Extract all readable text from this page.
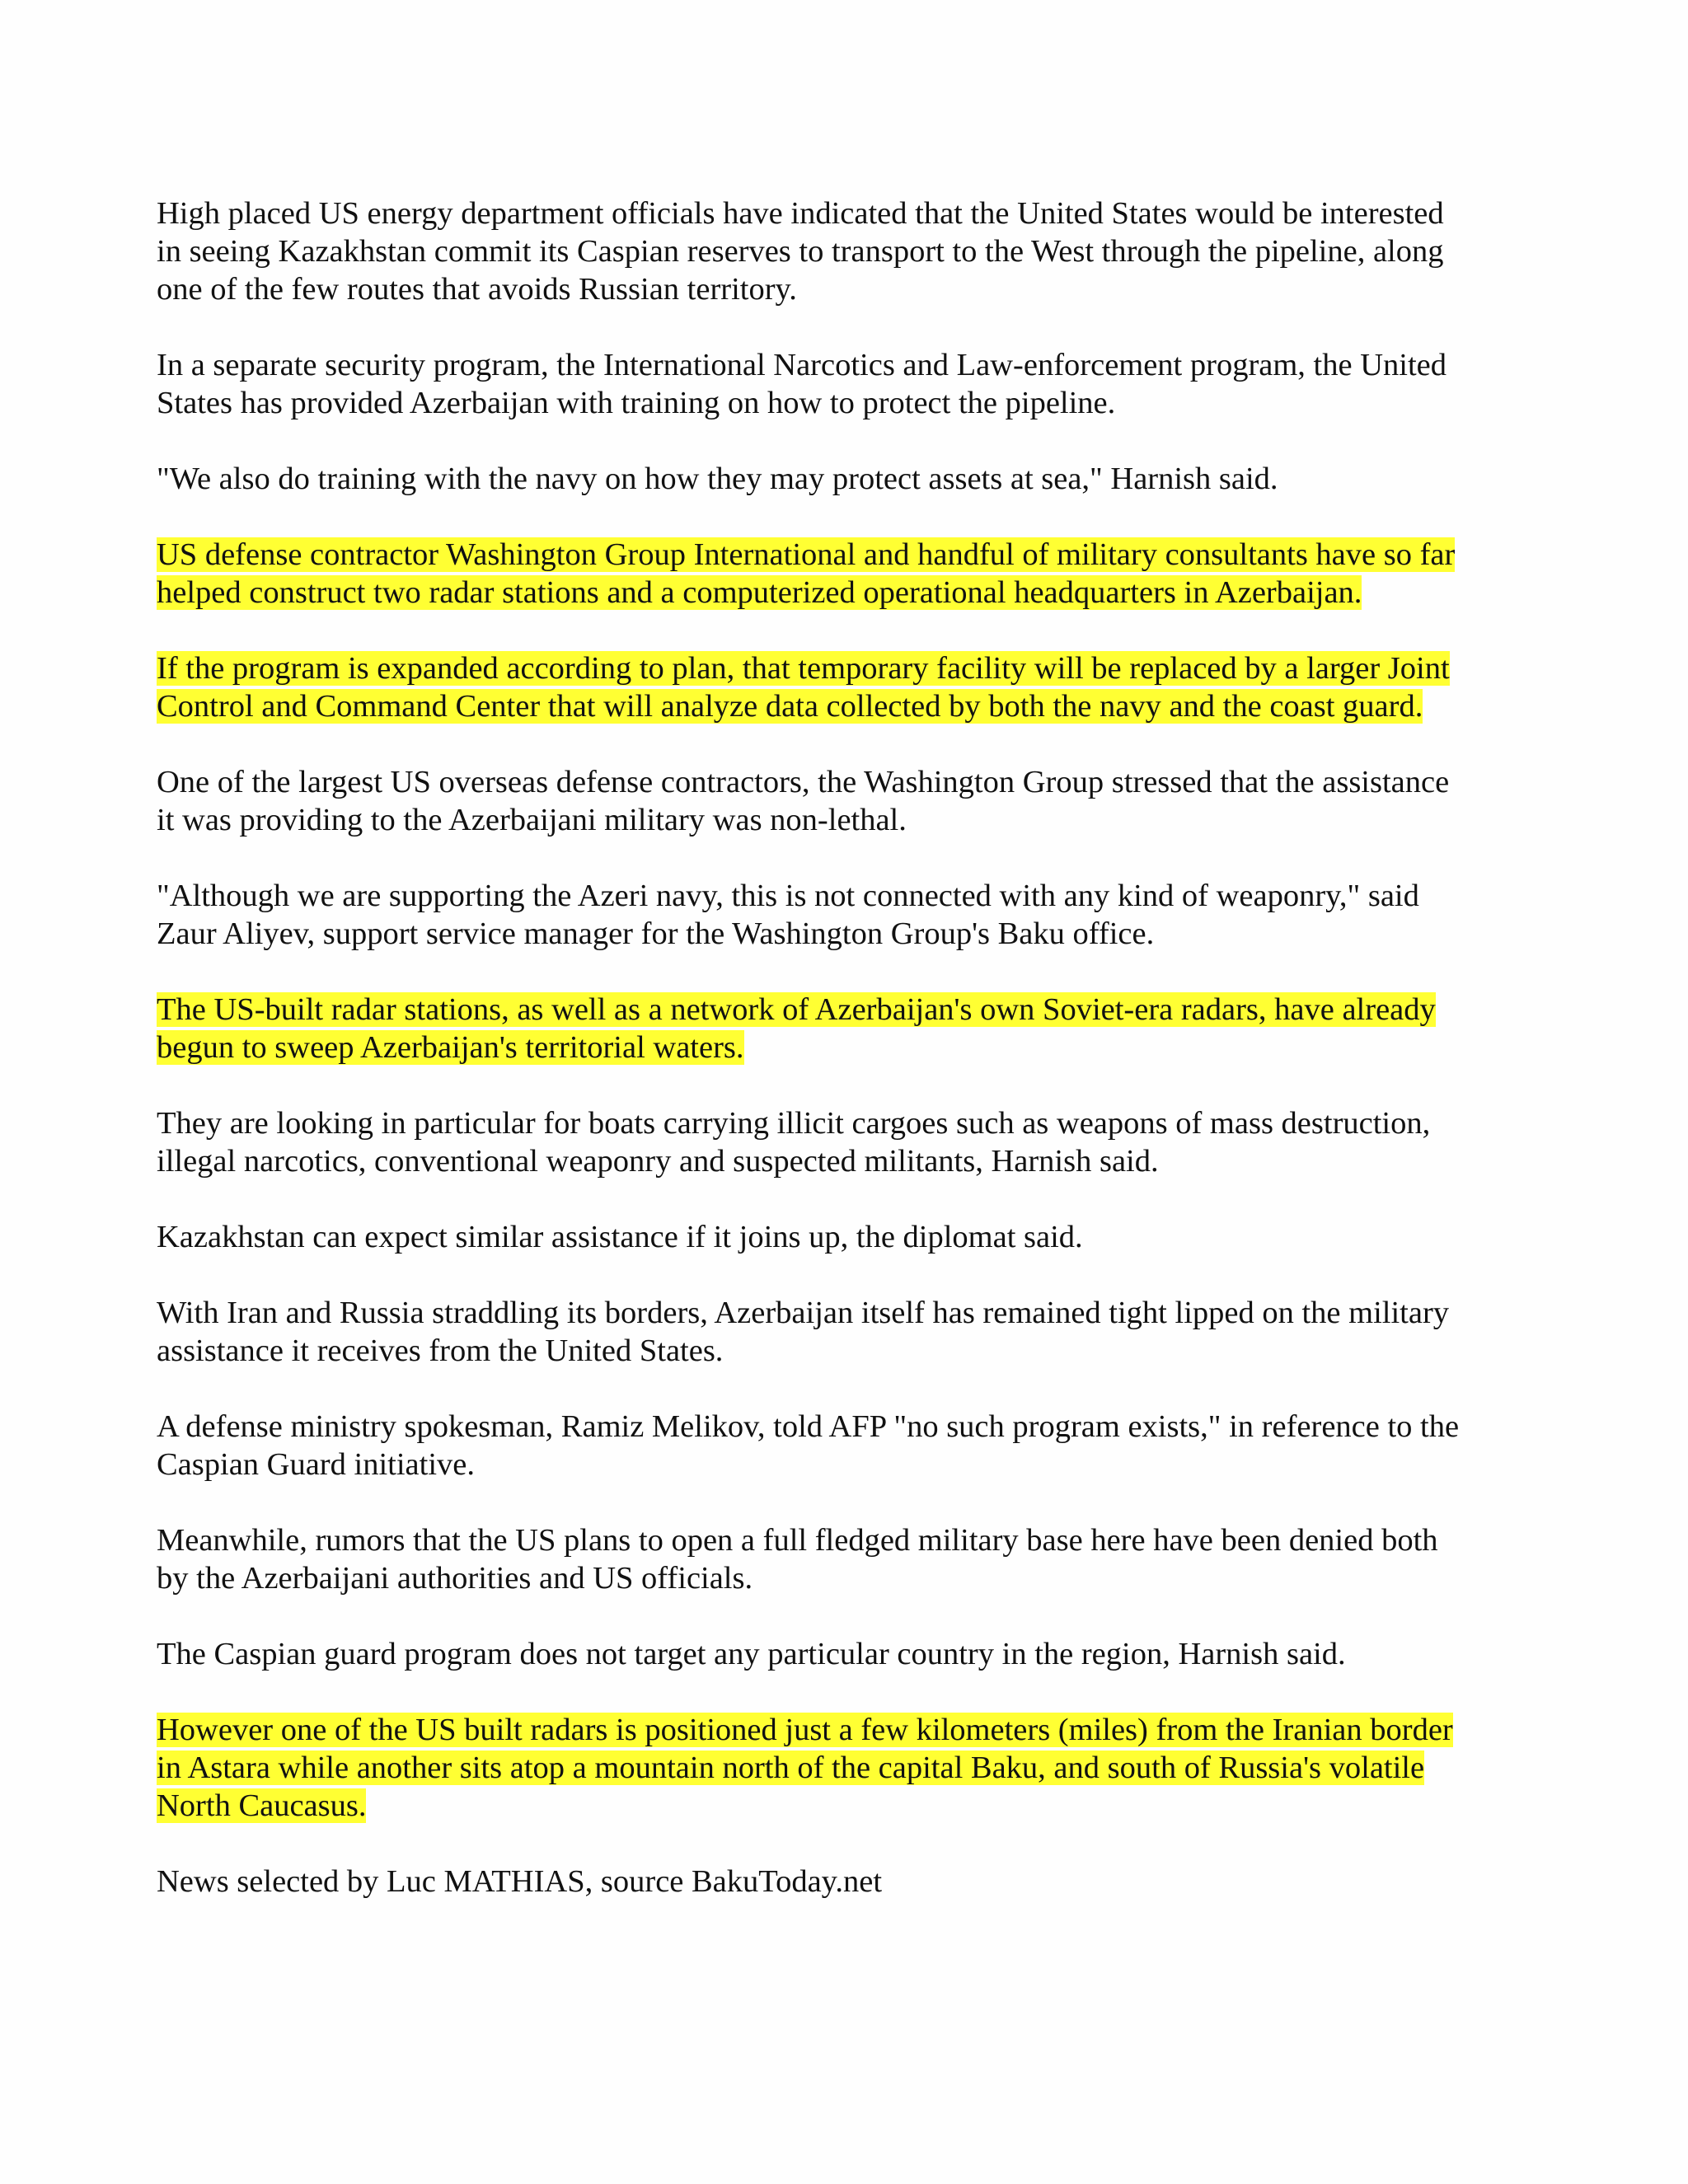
High placed US energy department officials have indicated that the United States would be interested
in seeing Kazakhstan commit its Caspian reserves to transport to the West through the pipeline, along
one of the few routes that avoids Russian territory.

In a separate security program, the International Narcotics and Law-enforcement program, the United
States has provided Azerbaijan with training on how to protect the pipeline.

"We also do training with the navy on how they may protect assets at sea," Harnish said.

US defense contractor Washington Group International and handful of military consultants have so far
helped construct two radar stations and a computerized operational headquarters in Azerbaijan.

If the program is expanded according to plan, that temporary facility will be replaced by a larger Joint
Control and Command Center that will analyze data collected by both the navy and the coast guard.

One of the largest US overseas defense contractors, the Washington Group stressed that the assistance
it was providing to the Azerbaijani military was non-lethal.

"Although we are supporting the Azeri navy, this is not connected with any kind of weaponry," said
Zaur Aliyev, support service manager for the Washington Group's Baku office.

The US-built radar stations, as well as a network of Azerbaijan's own Soviet-era radars, have already
begun to sweep Azerbaijan's territorial waters.

They are looking in particular for boats carrying illicit cargoes such as weapons of mass destruction,
illegal narcotics, conventional weaponry and suspected militants, Harnish said.

Kazakhstan can expect similar assistance if it joins up, the diplomat said.

With Iran and Russia straddling its borders, Azerbaijan itself has remained tight lipped on the military
assistance it receives from the United States.

A defense ministry spokesman, Ramiz Melikov, told AFP "no such program exists," in reference to the
Caspian Guard initiative.

Meanwhile, rumors that the US plans to open a full fledged military base here have been denied both
by the Azerbaijani authorities and US officials.

The Caspian guard program does not target any particular country in the region, Harnish said.

However one of the US built radars is positioned just a few kilometers (miles) from the Iranian border
in Astara while another sits atop a mountain north of the capital Baku, and south of Russia's volatile
North Caucasus.

News selected by Luc MATHIAS, source BakuToday.net
